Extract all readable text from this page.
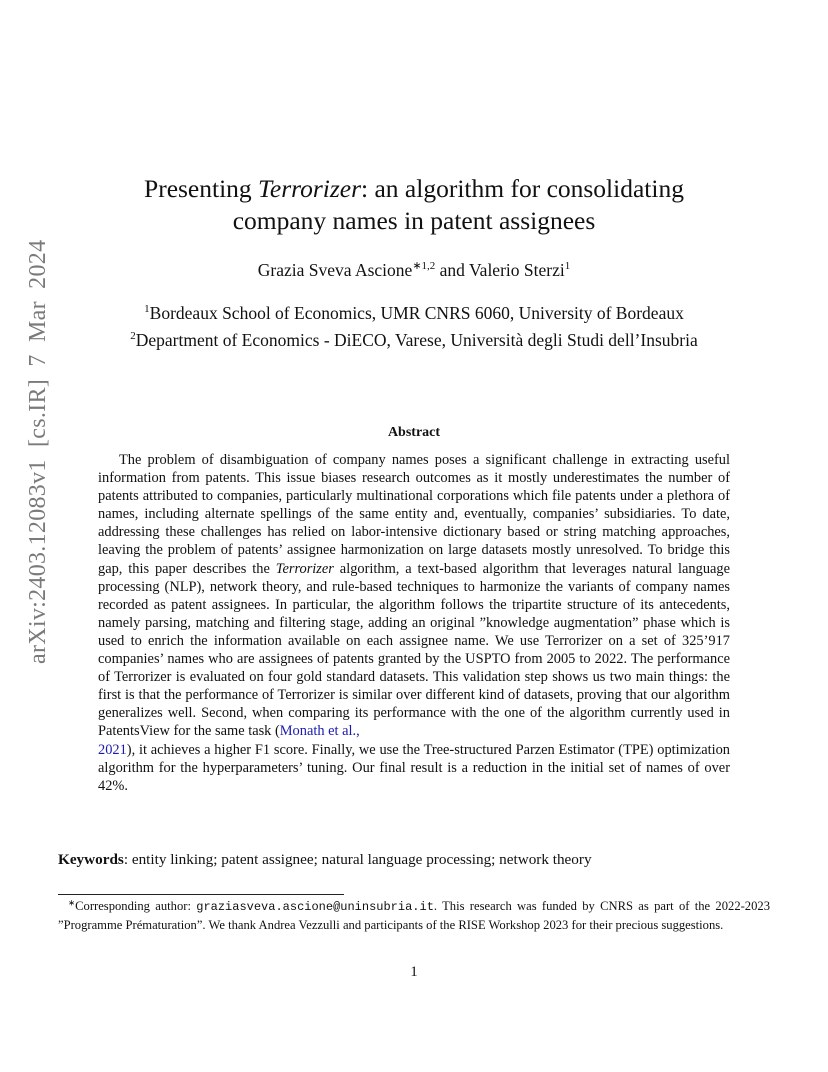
arXiv:2403.12083v1 [cs.IR] 7 Mar 2024
Presenting Terrorizer: an algorithm for consolidating
company names in patent assignees
Grazia Sveva Ascione$^{∗1,2}$ and Valerio Sterzi$^1$
$^1$Bordeaux School of Economics, UMR CNRS 6060, University of Bordeaux
$^2$Department of Economics - DiECO, Varese, Università degli Studi dell’Insubria
Abstract

The problem of disambiguation of company names poses a significant challenge in extracting useful information from patents. This issue biases research outcomes as it mostly underestimates the number of patents attributed to companies, particularly multinational corporations which file patents under a plethora of names, including alternate spellings of the same entity and, eventually, companies’ subsidiaries. To date, addressing these challenges has relied on labor-intensive dictionary based or string matching approaches, leaving the problem of patents’ assignee harmonization on large datasets mostly unresolved. To bridge this gap, this paper describes the Terrorizer algorithm, a text-based algorithm that leverages natural language processing (NLP), network theory, and rule-based techniques to harmonize the variants of company names recorded as patent assignees. In particular, the algorithm follows the tripartite structure of its antecedents, namely parsing, matching and filtering stage, adding an original ”knowledge augmentation” phase which is used to enrich the information available on each assignee name. We use Terrorizer on a set of 325’917 companies’ names who are assignees of patents granted by the USPTO from 2005 to 2022. The performance of Terrorizer is evaluated on four gold standard datasets. This validation step shows us two main things: the first is that the performance of Terrorizer is similar over different kind of datasets, proving that our algorithm generalizes well. Second, when comparing its performance with the one of the algorithm currently used in PatentsView for the same task (Monath et al.,
2021), it achieves a higher F1 score. Finally, we use the Tree-structured Parzen Estimator (TPE) optimization algorithm for the hyperparameters’ tuning. Our final result is a reduction in the initial set of names of over 42%.

Keywords: entity linking; patent assignee; natural language processing; network theory

∗Corresponding author: graziasveva.ascione@uninsubria.it. This research was funded by CNRS as part of the 2022-2023 ”Programme Prématuration”. We thank Andrea Vezzulli and participants of the RISE Workshop 2023 for their precious suggestions.

1
